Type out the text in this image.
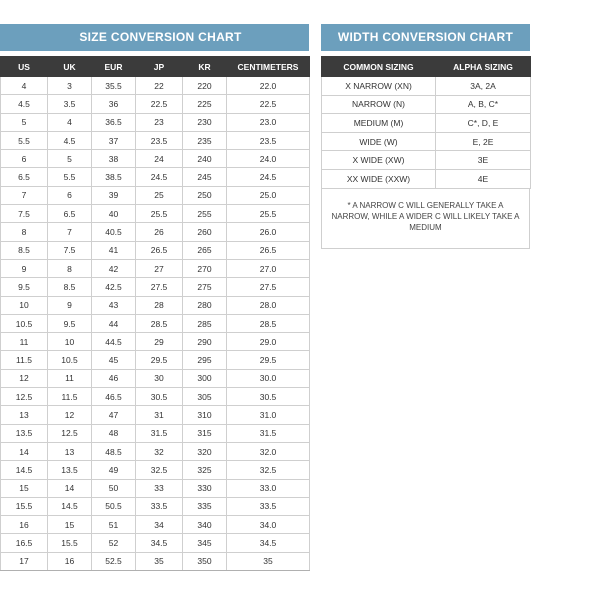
SIZE CONVERSION CHART
US	UK	EUR	JP	KR	CENTIMETERS
4	3	35.5	22	220	22.0
4.5	3.5	36	22.5	225	22.5
5	4	36.5	23	230	23.0
5.5	4.5	37	23.5	235	23.5
6	5	38	24	240	24.0
6.5	5.5	38.5	24.5	245	24.5
7	6	39	25	250	25.0
7.5	6.5	40	25.5	255	25.5
8	7	40.5	26	260	26.0
8.5	7.5	41	26.5	265	26.5
9	8	42	27	270	27.0
9.5	8.5	42.5	27.5	275	27.5
10	9	43	28	280	28.0
10.5	9.5	44	28.5	285	28.5
11	10	44.5	29	290	29.0
11.5	10.5	45	29.5	295	29.5
12	11	46	30	300	30.0
12.5	11.5	46.5	30.5	305	30.5
13	12	47	31	310	31.0
13.5	12.5	48	31.5	315	31.5
14	13	48.5	32	320	32.0
14.5	13.5	49	32.5	325	32.5
15	14	50	33	330	33.0
15.5	14.5	50.5	33.5	335	33.5
16	15	51	34	340	34.0
16.5	15.5	52	34.5	345	34.5
17	16	52.5	35	350	35
WIDTH CONVERSION CHART
COMMON SIZING	ALPHA SIZING
X NARROW (XN)	3A, 2A
NARROW (N)	A, B, C*
MEDIUM (M)	C*, D, E
WIDE (W)	E, 2E
X WIDE (XW)	3E
XX WIDE (XXW)	4E
* A NARROW C WILL GENERALLY TAKE A NARROW, WHILE A WIDER C WILL LIKELY TAKE A MEDIUM
